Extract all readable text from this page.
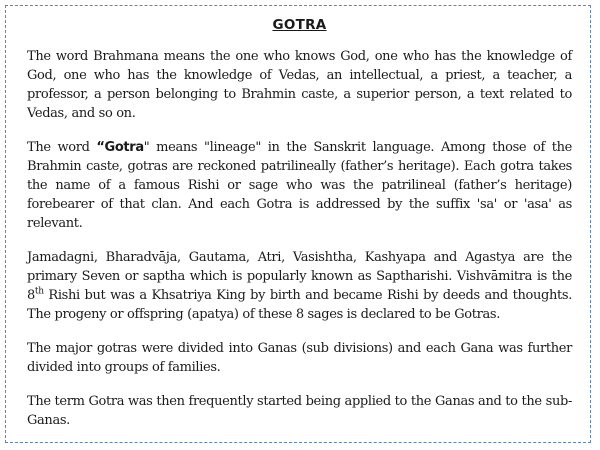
GOTRA

The word Brahmana means the one who knows God, one who has the knowledge of God, one who has the knowledge of Vedas, an intellectual, a priest, a teacher, a professor, a person belonging to Brahmin caste, a superior person, a text related to Vedas, and so on.

The word “Gotra" means "lineage" in the Sanskrit language. Among those of the Brahmin caste, gotras are reckoned patrilineally (father’s heritage). Each gotra takes the name of a famous Rishi or sage who was the patrilineal (father’s heritage) forebearer of that clan. And each Gotra is addressed by the suffix 'sa' or 'asa' as relevant.

Jamadagni, Bharadvāja, Gautama, Atri, Vasishtha, Kashyapa and Agastya are the primary Seven or saptha which is popularly known as Saptharishi. Vishvāmitra is the 8th Rishi but was a Khsatriya King by birth and became Rishi by deeds and thoughts. The progeny or offspring (apatya) of these 8 sages is declared to be Gotras.

The major gotras were divided into Ganas (sub divisions) and each Gana was further divided into groups of families.

The term Gotra was then frequently started being applied to the Ganas and to the sub-Ganas.
